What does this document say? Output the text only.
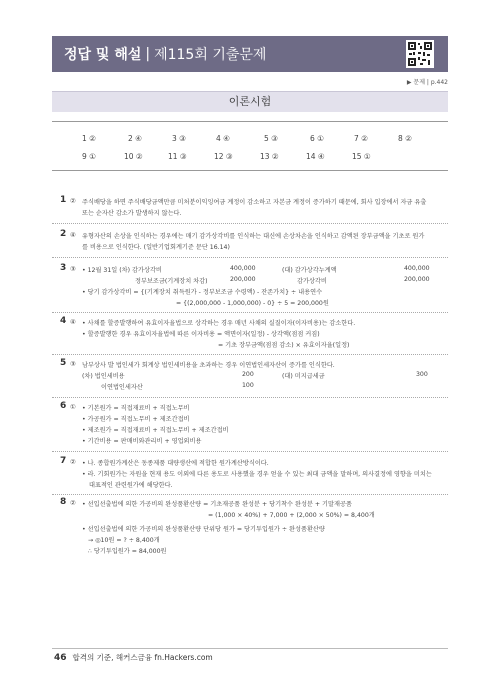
정답 및 해설 | 제115회 기출문제
▶ 문제 | p.442
이론시험
1 ②	2 ④	3 ③	4 ④	5 ③	6 ①	7 ②	8 ②
9 ①	10 ②	11 ③	12 ③	13 ②	14 ④	15 ①
1 ② 주식배당을 하면 주식배당금액만큼 미처분이익잉여금 계정이 감소하고 자본금 계정이 증가하기 때문에, 회사 입장에서 자금 유출
또는 순자산 감소가 발생하지 않는다.
2 ④ 유형자산의 손상을 인식하는 경우에는 매기 감가상각비를 인식하는 대신에 손상차손을 인식하고 감액된 장부금액을 기초로 원가
를 비용으로 인식한다. (일반기업회계기준 문단 16.14)
3 ③ • 12월 31일 (차) 감가상각비	400,000	(대) 감가상각누계액	400,000
정부보조금(기계장치 차감)	200,000	감가상각비	200,000
• 당기 감가상각비 = {(기계장치 취득원가 - 정부보조금 수령액) - 잔존가치} ÷ 내용연수
= {(2,000,000 - 1,000,000) - 0} ÷ 5 = 200,000원
4 ④ • 사채를 할증발행하여 유효이자율법으로 상각하는 경우 매년 사채의 실질이자(이자비용)는 감소한다.
• 할증발행한 경우 유효이자율법에 따른 이자비용 = 액면이자(일정) - 상각액(점점 커짐)
= 기초 장부금액(점점 감소) × 유효이자율(일정)
5 ③ 남부상사 발 법인세가 회계상 법인세비용을 초과하는 경우 이연법인세자산이 증가를 인식한다.
(차) 법인세비용	200	(대) 미지급세금	300
이연법인세자산	100
6 ① • 기본원가 = 직접재료비 + 직접노무비
• 가공원가 = 직접노무비 + 제조간접비
• 제조원가 = 직접재료비 + 직접노무비 + 제조간접비
• 기간비용 = 판매비와관리비 + 영업외비용
7 ② • 나. 종합원가계산은 동종제품 대량생산에 적합한 원가계산방식이다.
• 라. 기회원가는 자원을 현재 용도 이외에 다른 용도로 사용했을 경우 얻을 수 있는 최대 금액을 말하며, 의사결정에 영향을 미치는
대표적인 관련원가에 해당한다.
8 ② • 선입선출법에 의한 가공비의 완성품환산량 = 기초재공품 완성분 + 당기착수 완성분 + 기말재공품
= (1,000 × 40%) + 7,000 + (2,000 × 50%) = 8,400개
• 선입선출법에 의한 가공비의 완성품환산량 단위당 원가 = 당기투입원가 ÷ 완성품환산량
→ ◎10원 = ? ÷ 8,400개
∴ 당기투입원가 = 84,000원
46 합격의 기준, 해커스금융 fn.Hackers.com
